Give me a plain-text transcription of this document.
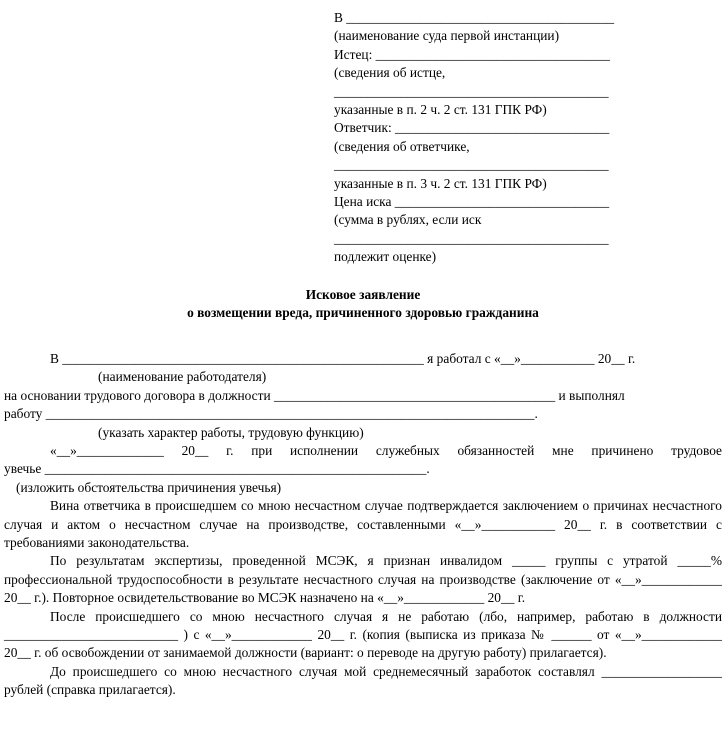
В ________________________________________
(наименование суда первой инстанции)
Истец: ___________________________________
(сведения об истце,
_________________________________________
указанные в п. 2 ч. 2 ст. 131 ГПК РФ)
Ответчик: ________________________________
(сведения об ответчике,
_________________________________________
указанные в п. 3 ч. 2 ст. 131 ГПК РФ)
Цена иска ________________________________
(сумма в рублях, если иск
_________________________________________
подлежит оценке)
Исковое заявление
о возмещении вреда, причиненного здоровью гражданина
В ______________________________________________________ я работал с «__»___________ 20__ г.
(наименование работодателя)
на основании трудового договора в должности __________________________________________ и выполнял
работу _________________________________________________________________________.
(указать характер работы, трудовую функцию)
«__»_____________ 20__ г. при исполнении служебных обязанностей мне причинено трудовое
увечье _________________________________________________________.
(изложить обстоятельства причинения увечья)
Вина ответчика в происшедшем со мною несчастном случае подтверждается заключением о причинах несчастного случая и актом о несчастном случае на производстве, составленными «__»___________ 20__ г. в соответствии с требованиями законодательства.
По результатам экспертизы, проведенной МСЭК, я признан инвалидом _____ группы с утратой _____% профессиональной трудоспособности в результате несчастного случая на производстве (заключение от «__»____________ 20__ г.). Повторное освидетельствование во МСЭК назначено на «__»____________ 20__ г.
После происшедшего со мною несчастного случая я не работаю (лбо, например, работаю в должности __________________________ ) с «__»____________ 20__ г. (копия (выписка из приказа № ______ от «__»____________ 20__ г. об освобождении от занимаемой должности (вариант: о переводе на другую работу) прилагается).
До происшедшего со мною несчастного случая мой среднемесячный заработок составлял __________________ рублей (справка прилагается).
